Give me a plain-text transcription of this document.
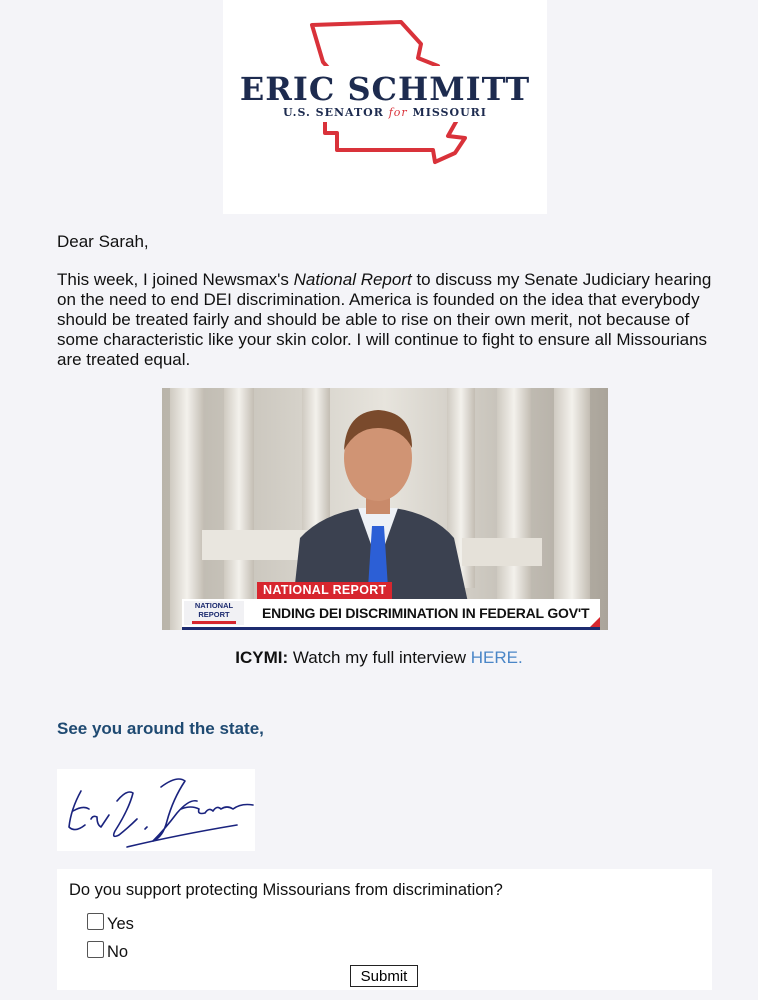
ERIC SCHMITT
U.S. SENATOR for MISSOURI
Dear Sarah,
This week, I joined Newsmax's National Report to discuss my Senate Judiciary hearing on the need to end DEI discrimination. America is founded on the idea that everybody should be treated fairly and should be able to rise on their own merit, not because of some characteristic like your skin color. I will continue to fight to ensure all Missourians are treated equal.
NATIONAL REPORT
NATIONAL
REPORT	ENDING DEI DISCRIMINATION IN FEDERAL GOV'T
ICYMI: Watch my full interview HERE.
See you around the state,
Do you support protecting Missourians from discrimination?
Yes
No
Submit
